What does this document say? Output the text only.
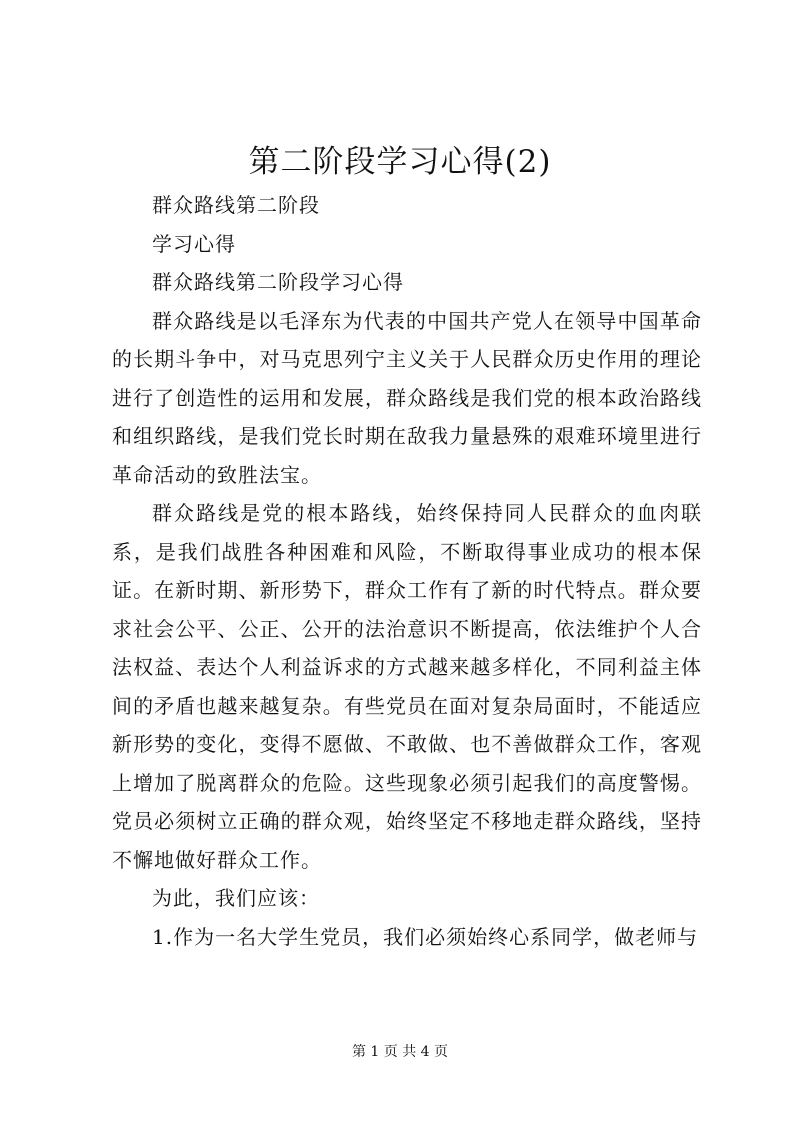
第二阶段学习心得(2)

群众路线第二阶段

学习心得

群众路线第二阶段学习心得

群众路线是以毛泽东为代表的中国共产党人在领导中国革命的长期斗争中，对马克思列宁主义关于人民群众历史作用的理论进行了创造性的运用和发展，群众路线是我们党的根本政治路线和组织路线，是我们党长时期在敌我力量悬殊的艰难环境里进行革命活动的致胜法宝。

群众路线是党的根本路线，始终保持同人民群众的血肉联系，是我们战胜各种困难和风险，不断取得事业成功的根本保证。在新时期、新形势下，群众工作有了新的时代特点。群众要求社会公平、公正、公开的法治意识不断提高，依法维护个人合法权益、表达个人利益诉求的方式越来越多样化，不同利益主体间的矛盾也越来越复杂。有些党员在面对复杂局面时，不能适应新形势的变化，变得不愿做、不敢做、也不善做群众工作，客观上增加了脱离群众的危险。这些现象必须引起我们的高度警惕。党员必须树立正确的群众观，始终坚定不移地走群众路线，坚持不懈地做好群众工作。

为此，我们应该：

1.作为一名大学生党员，我们必须始终心系同学，做老师与

第 1 页 共 4 页
